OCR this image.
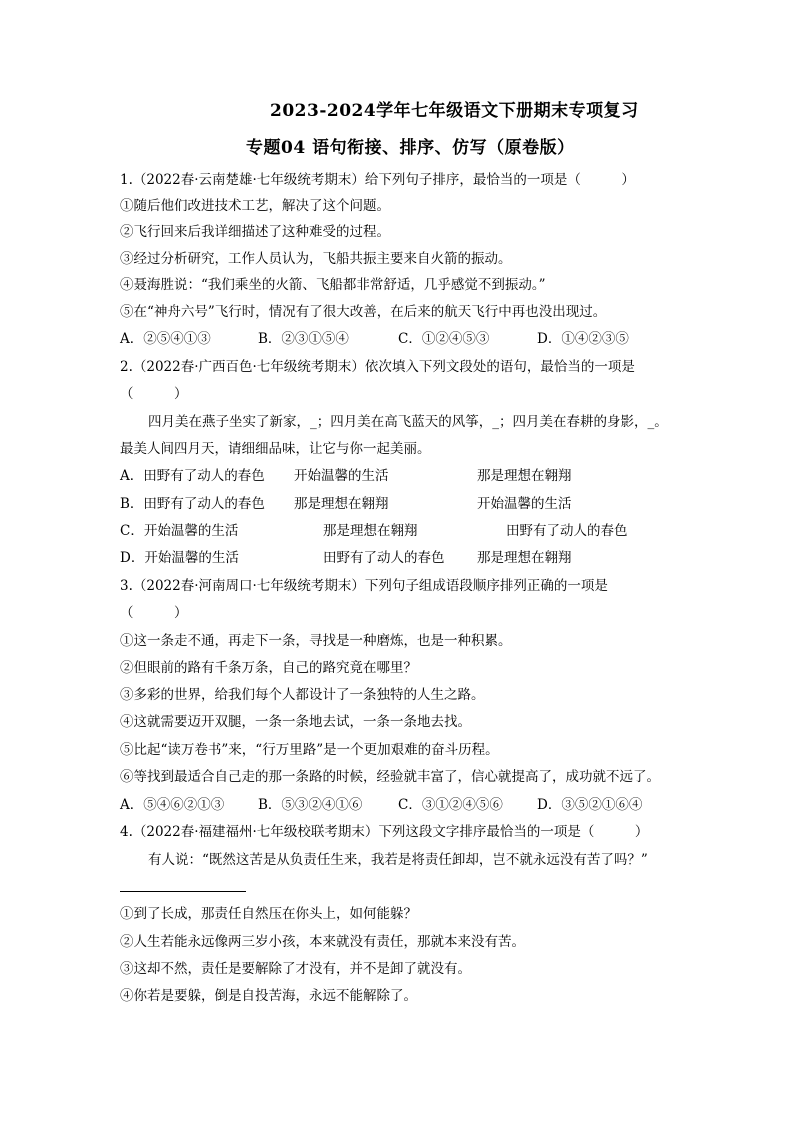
2023-2024学年七年级语文下册期末专项复习
专题04 语句衔接、排序、仿写（原卷版）
1.（2022春·云南楚雄·七年级统考期末）给下列句子排序，最恰当的一项是（　　　）
①随后他们改进技术工艺，解决了这个问题。
②飞行回来后我详细描述了这种难受的过程。
③经过分析研究，工作人员认为，飞船共振主要来自火箭的振动。
④聂海胜说：“我们乘坐的火箭、飞船都非常舒适，几乎感觉不到振动。”
⑤在“神舟六号”飞行时，情况有了很大改善，在后来的航天飞行中再也没出现过。
A．②⑤④①③	B．②③①⑤④	C．①②④⑤③	D．①④②③⑤
2.（2022春·广西百色·七年级统考期末）依次填入下列文段处的语句，最恰当的一项是
（　　　）
四月美在燕子坐实了新家，_；四月美在高飞蓝天的风筝，_；四月美在春耕的身影，_。
最美人间四月天，请细细品味，让它与你一起美丽。
A．田野有了动人的春色 开始温馨的生活	那是理想在翱翔
B．田野有了动人的春色 那是理想在翱翔	开始温馨的生活
C．开始温馨的生活	那是理想在翱翔	田野有了动人的春色
D．开始温馨的生活	田野有了动人的春色 那是理想在翱翔
3.（2022春·河南周口·七年级统考期末）下列句子组成语段顺序排列正确的一项是
（　　　）
①这一条走不通，再走下一条，寻找是一种磨炼，也是一种积累。
②但眼前的路有千条万条，自己的路究竟在哪里？
③多彩的世界，给我们每个人都设计了一条独特的人生之路。
④这就需要迈开双腿，一条一条地去试，一条一条地去找。
⑤比起“读万卷书”来，“行万里路”是一个更加艰难的奋斗历程。
⑥等找到最适合自己走的那一条路的时候，经验就丰富了，信心就提高了，成功就不远了。
A．⑤④⑥②①③	B．⑤③②④①⑥	C．③①②④⑤⑥	D．③⑤②①⑥④
4.（2022春·福建福州·七年级校联考期末）下列这段文字排序最恰当的一项是（　　　）
有人说：“既然这苦是从负责任生来，我若是将责任卸却，岂不就永远没有苦了吗？”
①到了长成，那责任自然压在你头上，如何能躲？
②人生若能永远像两三岁小孩，本来就没有责任，那就本来没有苦。
③这却不然，责任是要解除了才没有，并不是卸了就没有。
④你若是要躲，倒是自投苦海，永远不能解除了。
